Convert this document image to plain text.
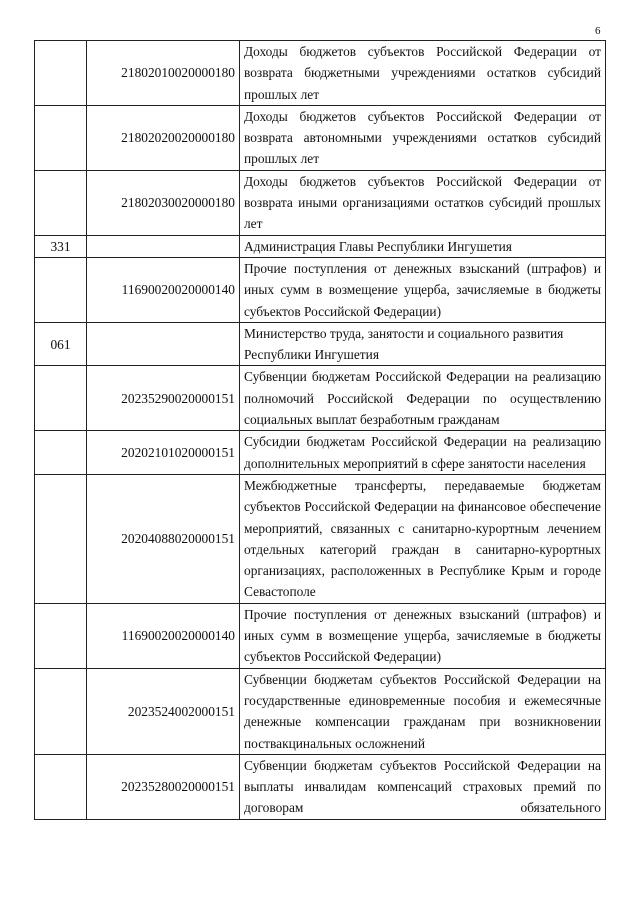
6
	21802010020000180	Доходы бюджетов субъектов Российской Федерации от возврата бюджетными учреждениями остатков субсидий прошлых лет
	21802020020000180	Доходы бюджетов субъектов Российской Федерации от возврата автономными учреждениями остатков субсидий прошлых лет
	21802030020000180	Доходы бюджетов субъектов Российской Федерации от возврата иными организациями остатков субсидий прошлых лет
331		Администрация Главы Республики Ингушетия
	11690020020000140	Прочие поступления от денежных взысканий (штрафов) и иных сумм в возмещение ущерба, зачисляемые в бюджеты субъектов Российской Федерации)
061		Министерство труда, занятости и социального развития Республики Ингушетия
	20235290020000151	Субвенции бюджетам Российской Федерации на реализацию полномочий Российской Федерации по осуществлению социальных выплат безработным гражданам
	20202101020000151	Субсидии бюджетам Российской Федерации на реализацию дополнительных мероприятий в сфере занятости населения
	20204088020000151	Межбюджетные трансферты, передаваемые бюджетам субъектов Российской Федерации на финансовое обеспечение мероприятий, связанных с санитарно-курортным лечением отдельных категорий граждан в санитарно-курортных организациях, расположенных в Республике Крым и городе Севастополе
	11690020020000140	Прочие поступления от денежных взысканий (штрафов) и иных сумм в возмещение ущерба, зачисляемые в бюджеты субъектов Российской Федерации)
	2023524002000151	Субвенции бюджетам субъектов Российской Федерации на государственные единовременные пособия и ежемесячные денежные компенсации гражданам при возникновении поствакцинальных осложнений
	20235280020000151	Субвенции бюджетам субъектов Российской Федерации на выплаты инвалидам компенсаций страховых премий по договорам обязательного
